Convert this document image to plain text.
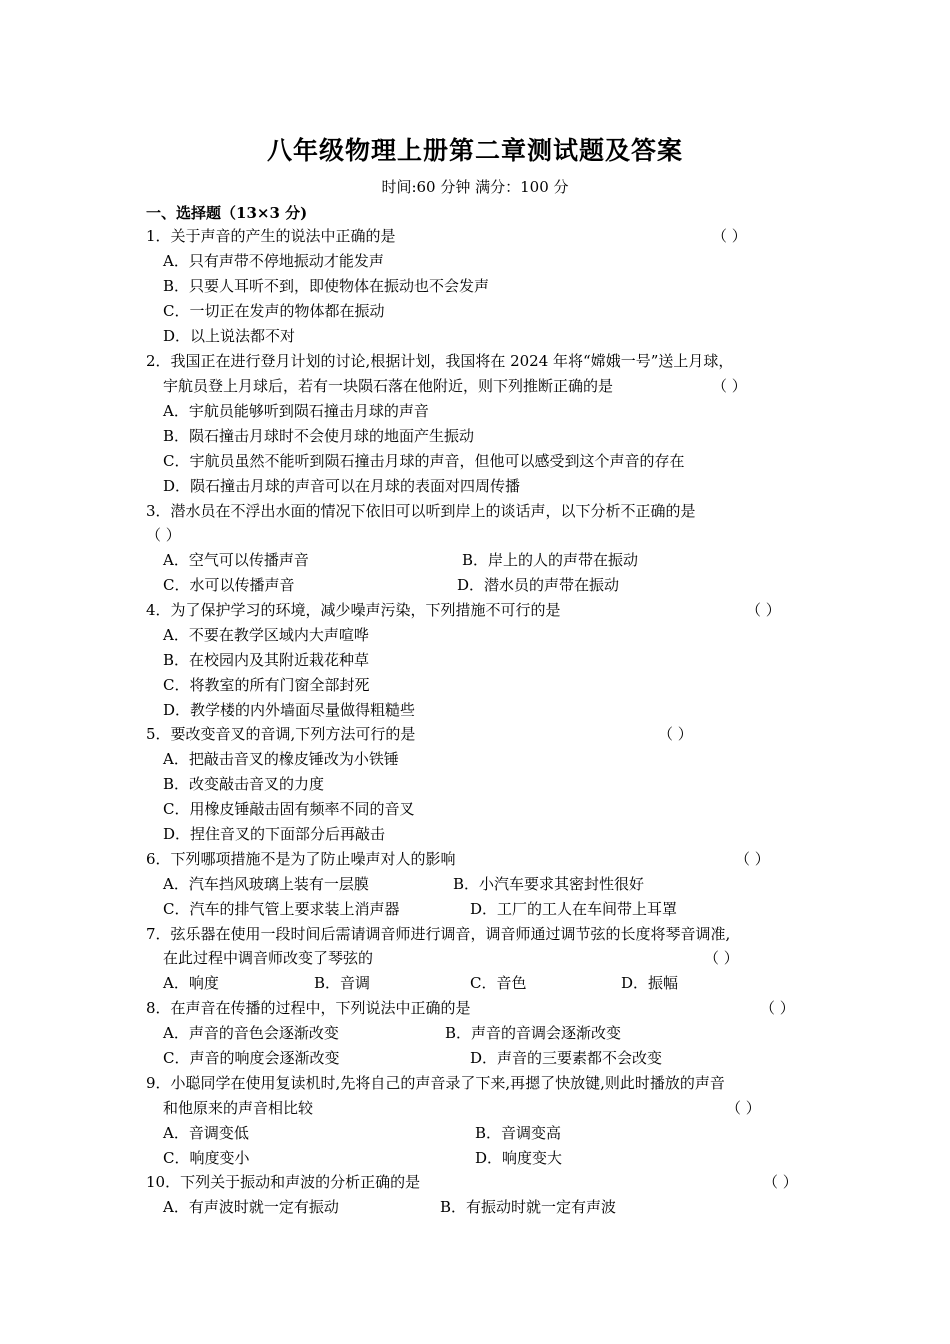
八年级物理上册第二章测试题及答案
时间:60 分钟 满分：100 分
一、选择题（13×3 分)
1．关于声音的产生的说法中正确的是	（ ）
A．只有声带不停地振动才能发声
B．只要人耳听不到，即使物体在振动也不会发声
C．一切正在发声的物体都在振动
D．以上说法都不对
2．我国正在进行登月计划的讨论,根据计划，我国将在 2024 年将“嫦娥一号”送上月球，
宇航员登上月球后，若有一块陨石落在他附近，则下列推断正确的是	（ ）
A．宇航员能够听到陨石撞击月球的声音
B．陨石撞击月球时不会使月球的地面产生振动
C．宇航员虽然不能听到陨石撞击月球的声音，但他可以感受到这个声音的存在
D．陨石撞击月球的声音可以在月球的表面对四周传播
3．潜水员在不浮出水面的情况下依旧可以听到岸上的谈话声，以下分析不正确的是
（ ）
A．空气可以传播声音	B．岸上的人的声带在振动
C．水可以传播声音	D．潜水员的声带在振动
4．为了保护学习的环境，减少噪声污染，下列措施不可行的是	（ ）
A．不要在教学区域内大声喧哗
B．在校园内及其附近栽花种草
C．将教室的所有门窗全部封死
D．教学楼的内外墙面尽量做得粗糙些
5．要改变音叉的音调,下列方法可行的是	（ ）
A．把敲击音叉的橡皮锤改为小铁锤
B．改变敲击音叉的力度
C．用橡皮锤敲击固有频率不同的音叉
D．捏住音叉的下面部分后再敲击
6．下列哪项措施不是为了防止噪声对人的影响	（ ）
A．汽车挡风玻璃上装有一层膜	B．小汽车要求其密封性很好
C．汽车的排气管上要求装上消声器	D．工厂的工人在车间带上耳罩
7．弦乐器在使用一段时间后需请调音师进行调音，调音师通过调节弦的长度将琴音调准,
在此过程中调音师改变了琴弦的	（ ）
A．响度	B．音调	C．音色	D．振幅
8．在声音在传播的过程中，下列说法中正确的是	（ ）
A．声音的音色会逐渐改变	B．声音的音调会逐渐改变
C．声音的响度会逐渐改变	D．声音的三要素都不会改变
9．小聪同学在使用复读机时,先将自己的声音录了下来,再摁了快放键,则此时播放的声音
和他原来的声音相比较	（ ）
A．音调变低	B．音调变高
C．响度变小	D．响度变大
10．下列关于振动和声波的分析正确的是	（ ）
A．有声波时就一定有振动	B．有振动时就一定有声波
